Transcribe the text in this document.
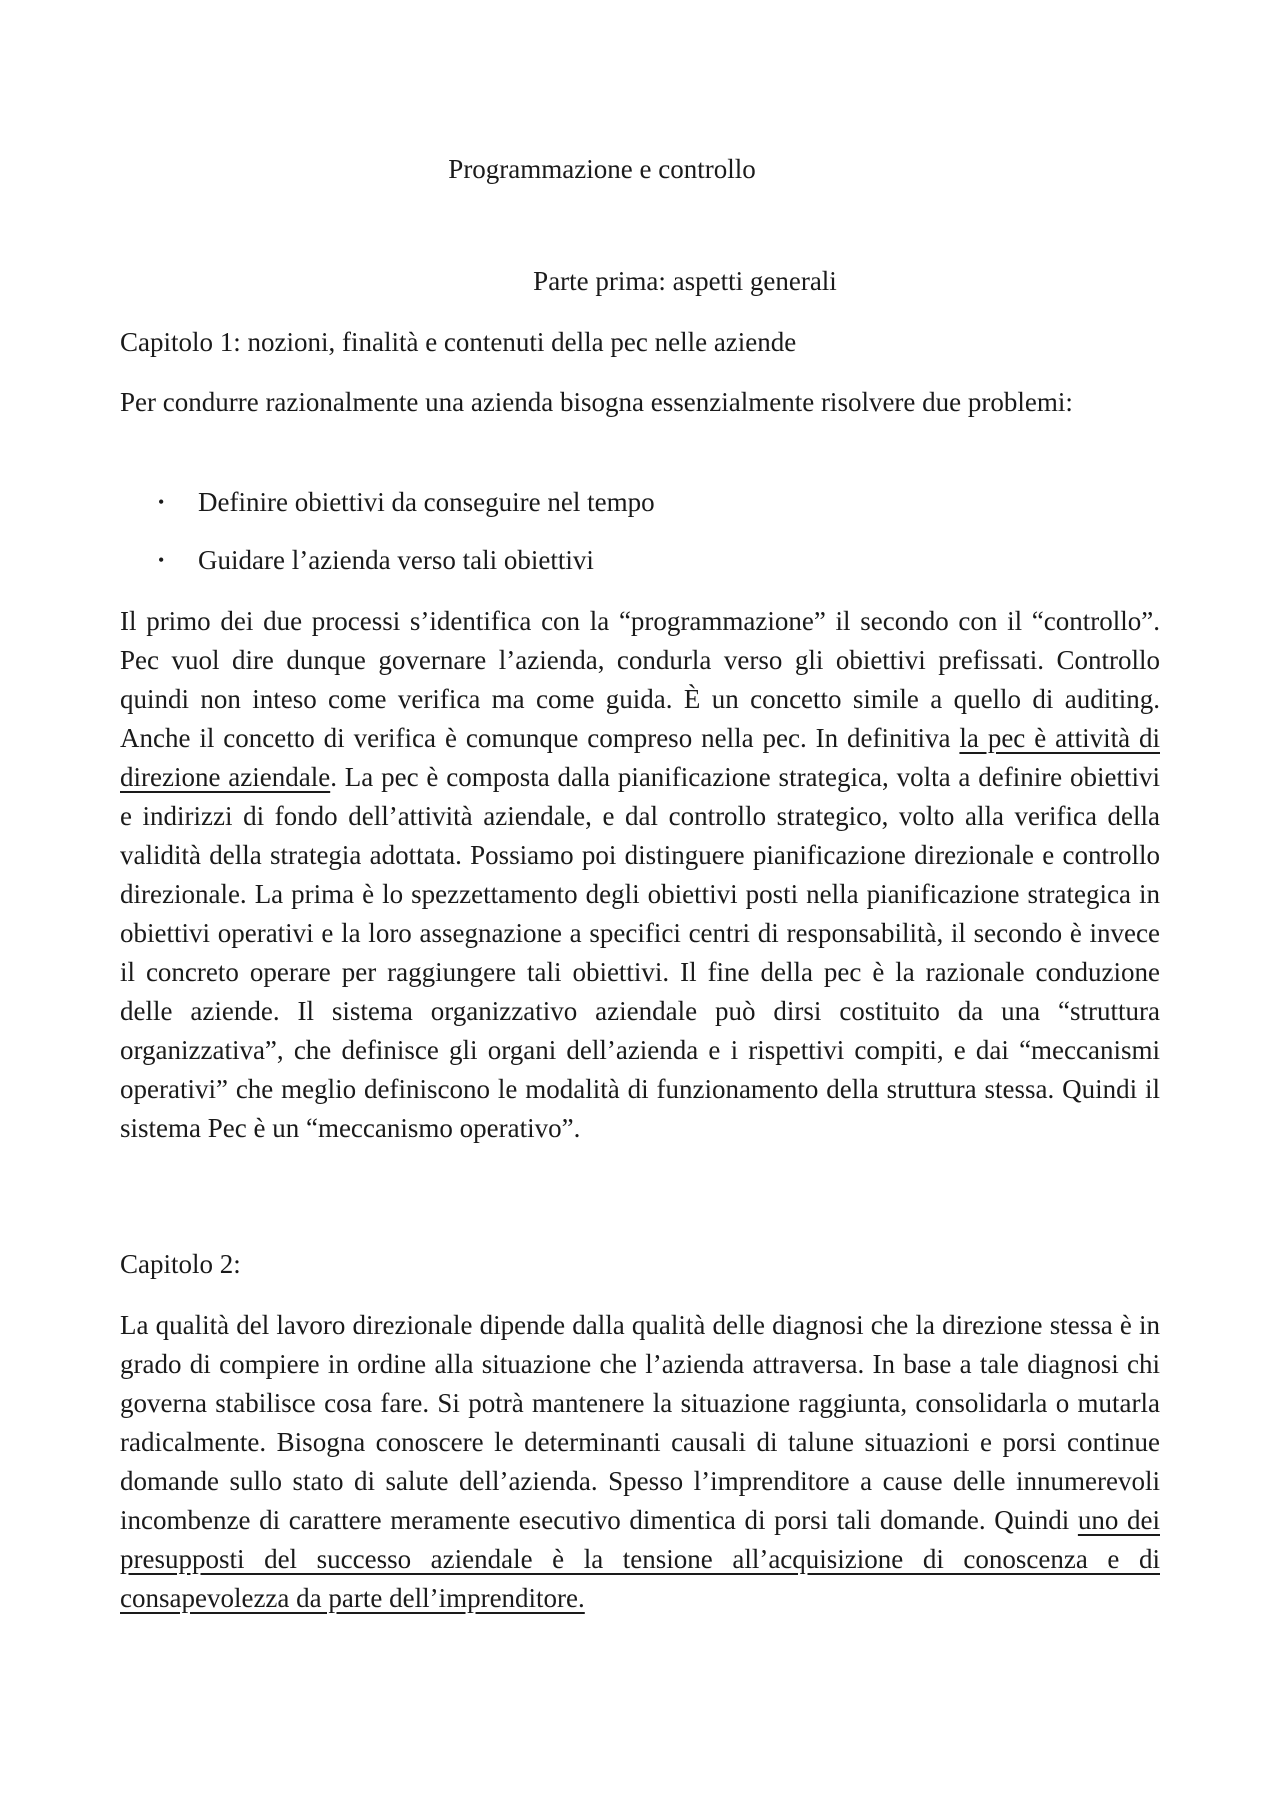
Programmazione e controllo
Parte prima: aspetti generali

Capitolo 1: nozioni, finalità e contenuti della pec nelle aziende

Per condurre razionalmente una azienda bisogna essenzialmente risolvere due problemi:

• Definire obiettivi da conseguire nel tempo
• Guidare l’azienda verso tali obiettivi

Il primo dei due processi s’identifica con la “programmazione” il secondo con il “controllo”. Pec vuol dire dunque governare l’azienda, condurla verso gli obiettivi prefissati. Controllo quindi non inteso come verifica ma come guida. È un concetto simile a quello di auditing. Anche il concetto di verifica è comunque compreso nella pec. In definitiva la pec è attività di direzione aziendale. La pec è composta dalla pianificazione strategica, volta a definire obiettivi e indirizzi di fondo dell’attività aziendale, e dal controllo strategico, volto alla verifica della validità della strategia adottata. Possiamo poi distinguere pianificazione direzionale e controllo direzionale. La prima è lo spezzettamento degli obiettivi posti nella pianificazione strategica in obiettivi operativi e la loro assegnazione a specifici centri di responsabilità, il secondo è invece il concreto operare per raggiungere tali obiettivi. Il fine della pec è la razionale conduzione delle aziende. Il sistema organizzativo aziendale può dirsi costituito da una “struttura organizzativa”, che definisce gli organi dell’azienda e i rispettivi compiti, e dai “meccanismi operativi” che meglio definiscono le modalità di funzionamento della struttura stessa. Quindi il sistema Pec è un “meccanismo operativo”.

Capitolo 2:

La qualità del lavoro direzionale dipende dalla qualità delle diagnosi che la direzione stessa è in grado di compiere in ordine alla situazione che l’azienda attraversa. In base a tale diagnosi chi governa stabilisce cosa fare. Si potrà mantenere la situazione raggiunta, consolidarla o mutarla radicalmente. Bisogna conoscere le determinanti causali di talune situazioni e porsi continue domande sullo stato di salute dell’azienda. Spesso l’imprenditore a cause delle innumerevoli incombenze di carattere meramente esecutivo dimentica di porsi tali domande. Quindi uno dei presupposti del successo aziendale è la tensione all’acquisizione di conoscenza e di consapevolezza da parte dell’imprenditore.
